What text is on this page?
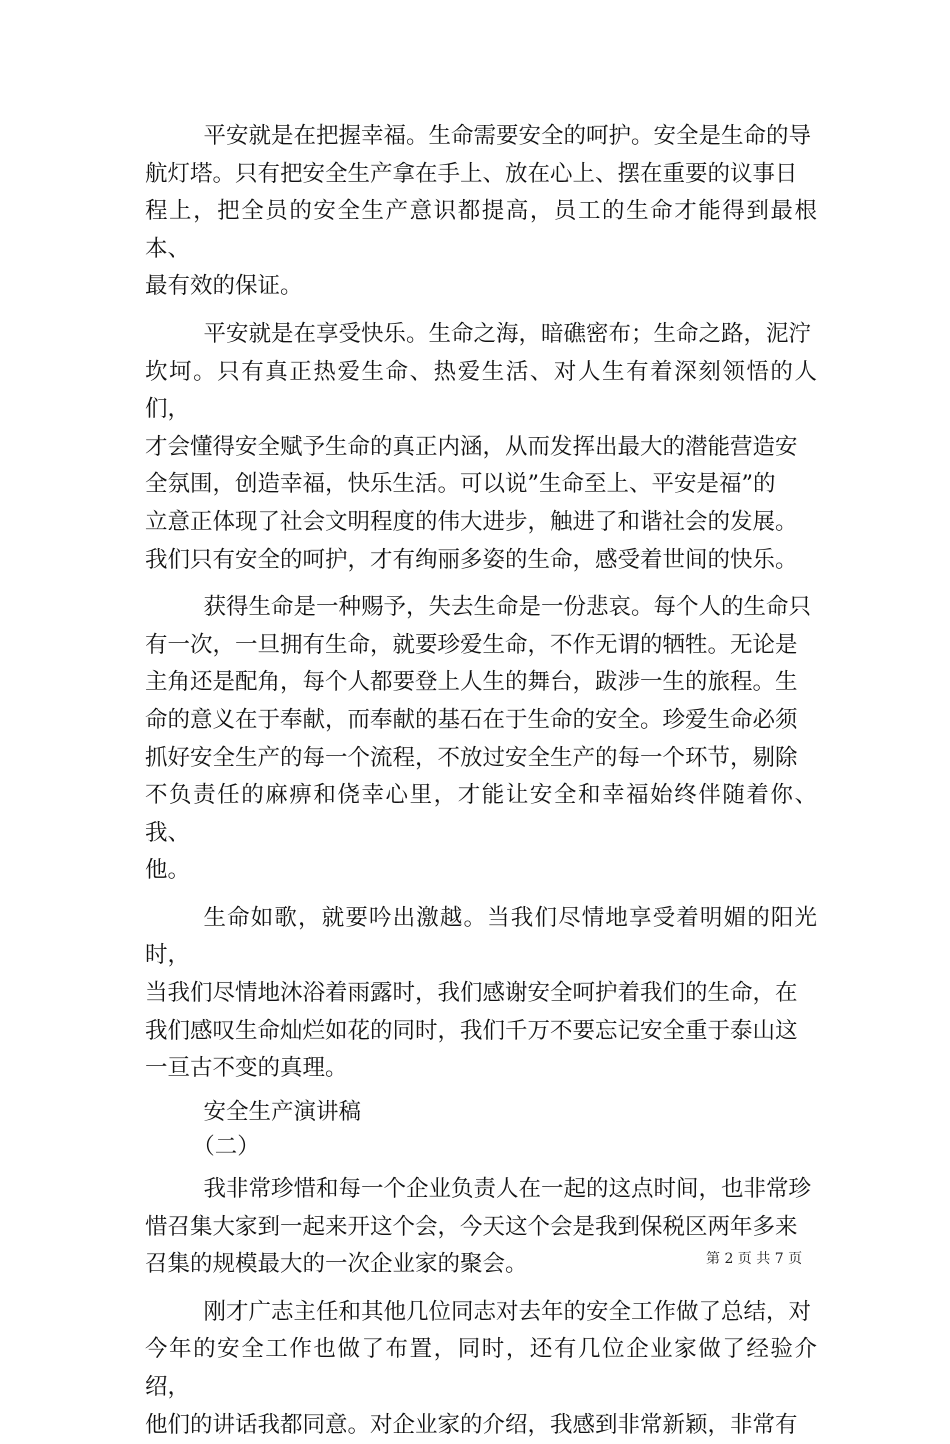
平安就是在把握幸福。生命需要安全的呵护。安全是生命的导
航灯塔。只有把安全生产拿在手上、放在心上、摆在重要的议事日
程上，把全员的安全生产意识都提高，员工的生命才能得到最根本、
最有效的保证。

平安就是在享受快乐。生命之海，暗礁密布；生命之路，泥泞
坎坷。只有真正热爱生命、热爱生活、对人生有着深刻领悟的人们，
才会懂得安全赋予生命的真正内涵，从而发挥出最大的潜能营造安
全氛围，创造幸福，快乐生活。可以说”生命至上、平安是福”的
立意正体现了社会文明程度的伟大进步，触进了和谐社会的发展。
我们只有安全的呵护，才有绚丽多姿的生命，感受着世间的快乐。

获得生命是一种赐予，失去生命是一份悲哀。每个人的生命只
有一次，一旦拥有生命，就要珍爱生命，不作无谓的牺牲。无论是
主角还是配角，每个人都要登上人生的舞台，跋涉一生的旅程。生
命的意义在于奉献，而奉献的基石在于生命的安全。珍爱生命必须
抓好安全生产的每一个流程，不放过安全生产的每一个环节，剔除
不负责任的麻痹和侥幸心里，才能让安全和幸福始终伴随着你、我、
他。

生命如歌，就要吟出激越。当我们尽情地享受着明媚的阳光时，
当我们尽情地沐浴着雨露时，我们感谢安全呵护着我们的生命，在
我们感叹生命灿烂如花的同时，我们千万不要忘记安全重于泰山这
一亘古不变的真理。

安全生产演讲稿

（二）

我非常珍惜和每一个企业负责人在一起的这点时间，也非常珍
惜召集大家到一起来开这个会，今天这个会是我到保税区两年多来
召集的规模最大的一次企业家的聚会。

刚才广志主任和其他几位同志对去年的安全工作做了总结，对
今年的安全工作也做了布置，同时，还有几位企业家做了经验介绍，
他们的讲话我都同意。对企业家的介绍，我感到非常新颖，非常有

第 2 页 共 7 页
